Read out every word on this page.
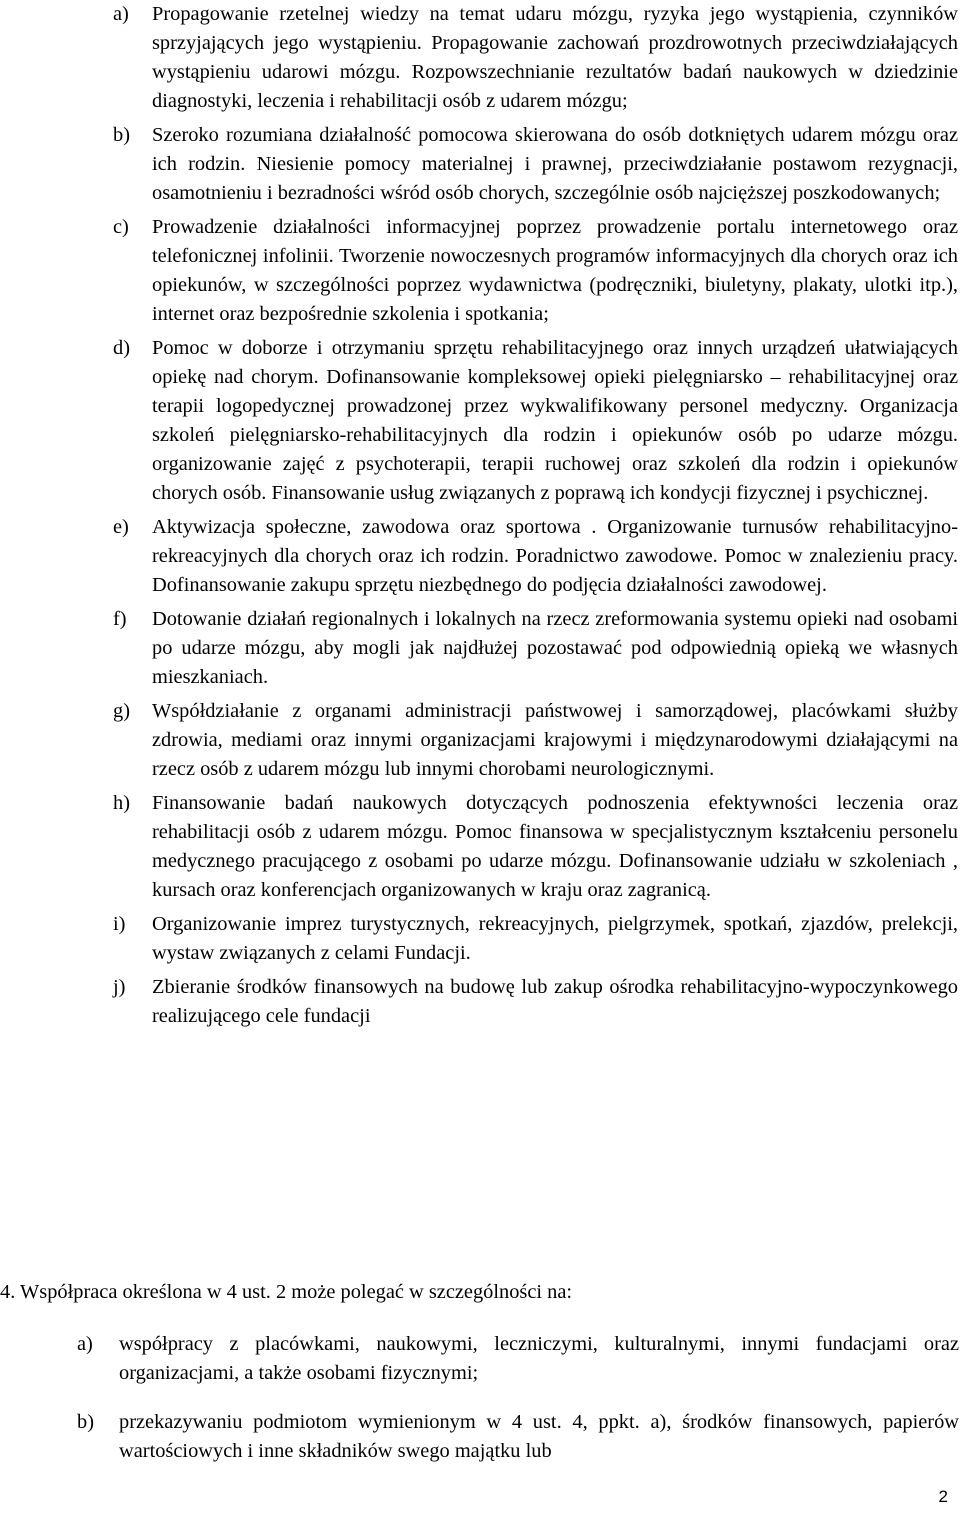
a)	Propagowanie rzetelnej wiedzy na temat udaru mózgu, ryzyka jego wystąpienia, czynników sprzyjających jego wystąpieniu. Propagowanie zachowań prozdrowotnych przeciwdziałających wystąpieniu udarowi mózgu. Rozpowszechnianie rezultatów badań naukowych w dziedzinie diagnostyki, leczenia i rehabilitacji osób z udarem mózgu;
b)	Szeroko rozumiana działalność pomocowa skierowana do osób dotkniętych udarem mózgu oraz ich rodzin. Niesienie pomocy materialnej i prawnej, przeciwdziałanie postawom rezygnacji, osamotnieniu i bezradności wśród osób chorych, szczególnie osób najcięższej poszkodowanych;
c)	Prowadzenie działalności informacyjnej poprzez prowadzenie portalu internetowego oraz telefonicznej infolinii. Tworzenie nowoczesnych programów informacyjnych dla chorych oraz ich opiekunów, w szczególności poprzez wydawnictwa (podręczniki, biuletyny, plakaty, ulotki itp.), internet oraz bezpośrednie szkolenia i spotkania;
d)	Pomoc w doborze i otrzymaniu sprzętu rehabilitacyjnego oraz innych urządzeń ułatwiających opiekę nad chorym. Dofinansowanie kompleksowej opieki pielęgniarsko – rehabilitacyjnej oraz terapii logopedycznej prowadzonej przez wykwalifikowany personel medyczny. Organizacja szkoleń pielęgniarsko-rehabilitacyjnych dla rodzin i opiekunów osób po udarze mózgu. organizowanie zajęć z psychoterapii, terapii ruchowej oraz szkoleń dla rodzin i opiekunów chorych osób. Finansowanie usług związanych z poprawą ich kondycji fizycznej i psychicznej.
e)	Aktywizacja społeczne, zawodowa oraz sportowa . Organizowanie turnusów rehabilitacyjno-rekreacyjnych dla chorych oraz ich rodzin. Poradnictwo zawodowe. Pomoc w znalezieniu pracy. Dofinansowanie zakupu sprzętu niezbędnego do podjęcia działalności zawodowej.
f)	Dotowanie działań regionalnych i lokalnych na rzecz zreformowania systemu opieki nad osobami po udarze mózgu, aby mogli jak najdłużej pozostawać pod odpowiednią opieką we własnych mieszkaniach.
g)	Współdziałanie z organami administracji państwowej i samorządowej, placówkami służby zdrowia, mediami oraz innymi organizacjami krajowymi i międzynarodowymi działającymi na rzecz osób z udarem mózgu lub innymi chorobami neurologicznymi.
h)	Finansowanie badań naukowych dotyczących podnoszenia efektywności leczenia oraz rehabilitacji osób z udarem mózgu. Pomoc finansowa w specjalistycznym kształceniu personelu medycznego pracującego z osobami po udarze mózgu. Dofinansowanie udziału w szkoleniach , kursach oraz konferencjach organizowanych w kraju oraz zagranicą.
i)	Organizowanie imprez turystycznych, rekreacyjnych, pielgrzymek, spotkań, zjazdów, prelekcji, wystaw związanych z celami Fundacji.
j)	Zbieranie środków finansowych na budowę lub zakup ośrodka rehabilitacyjno-wypoczynkowego realizującego cele fundacji
4. Współpraca określona w 4 ust. 2 może polegać w szczególności na:
a)	współpracy z placówkami, naukowymi, leczniczymi, kulturalnymi, innymi fundacjami oraz organizacjami, a także osobami fizycznymi;
b)	przekazywaniu podmiotom wymienionym w 4 ust. 4, ppkt. a), środków finansowych, papierów wartościowych i inne składników swego majątku lub
2
